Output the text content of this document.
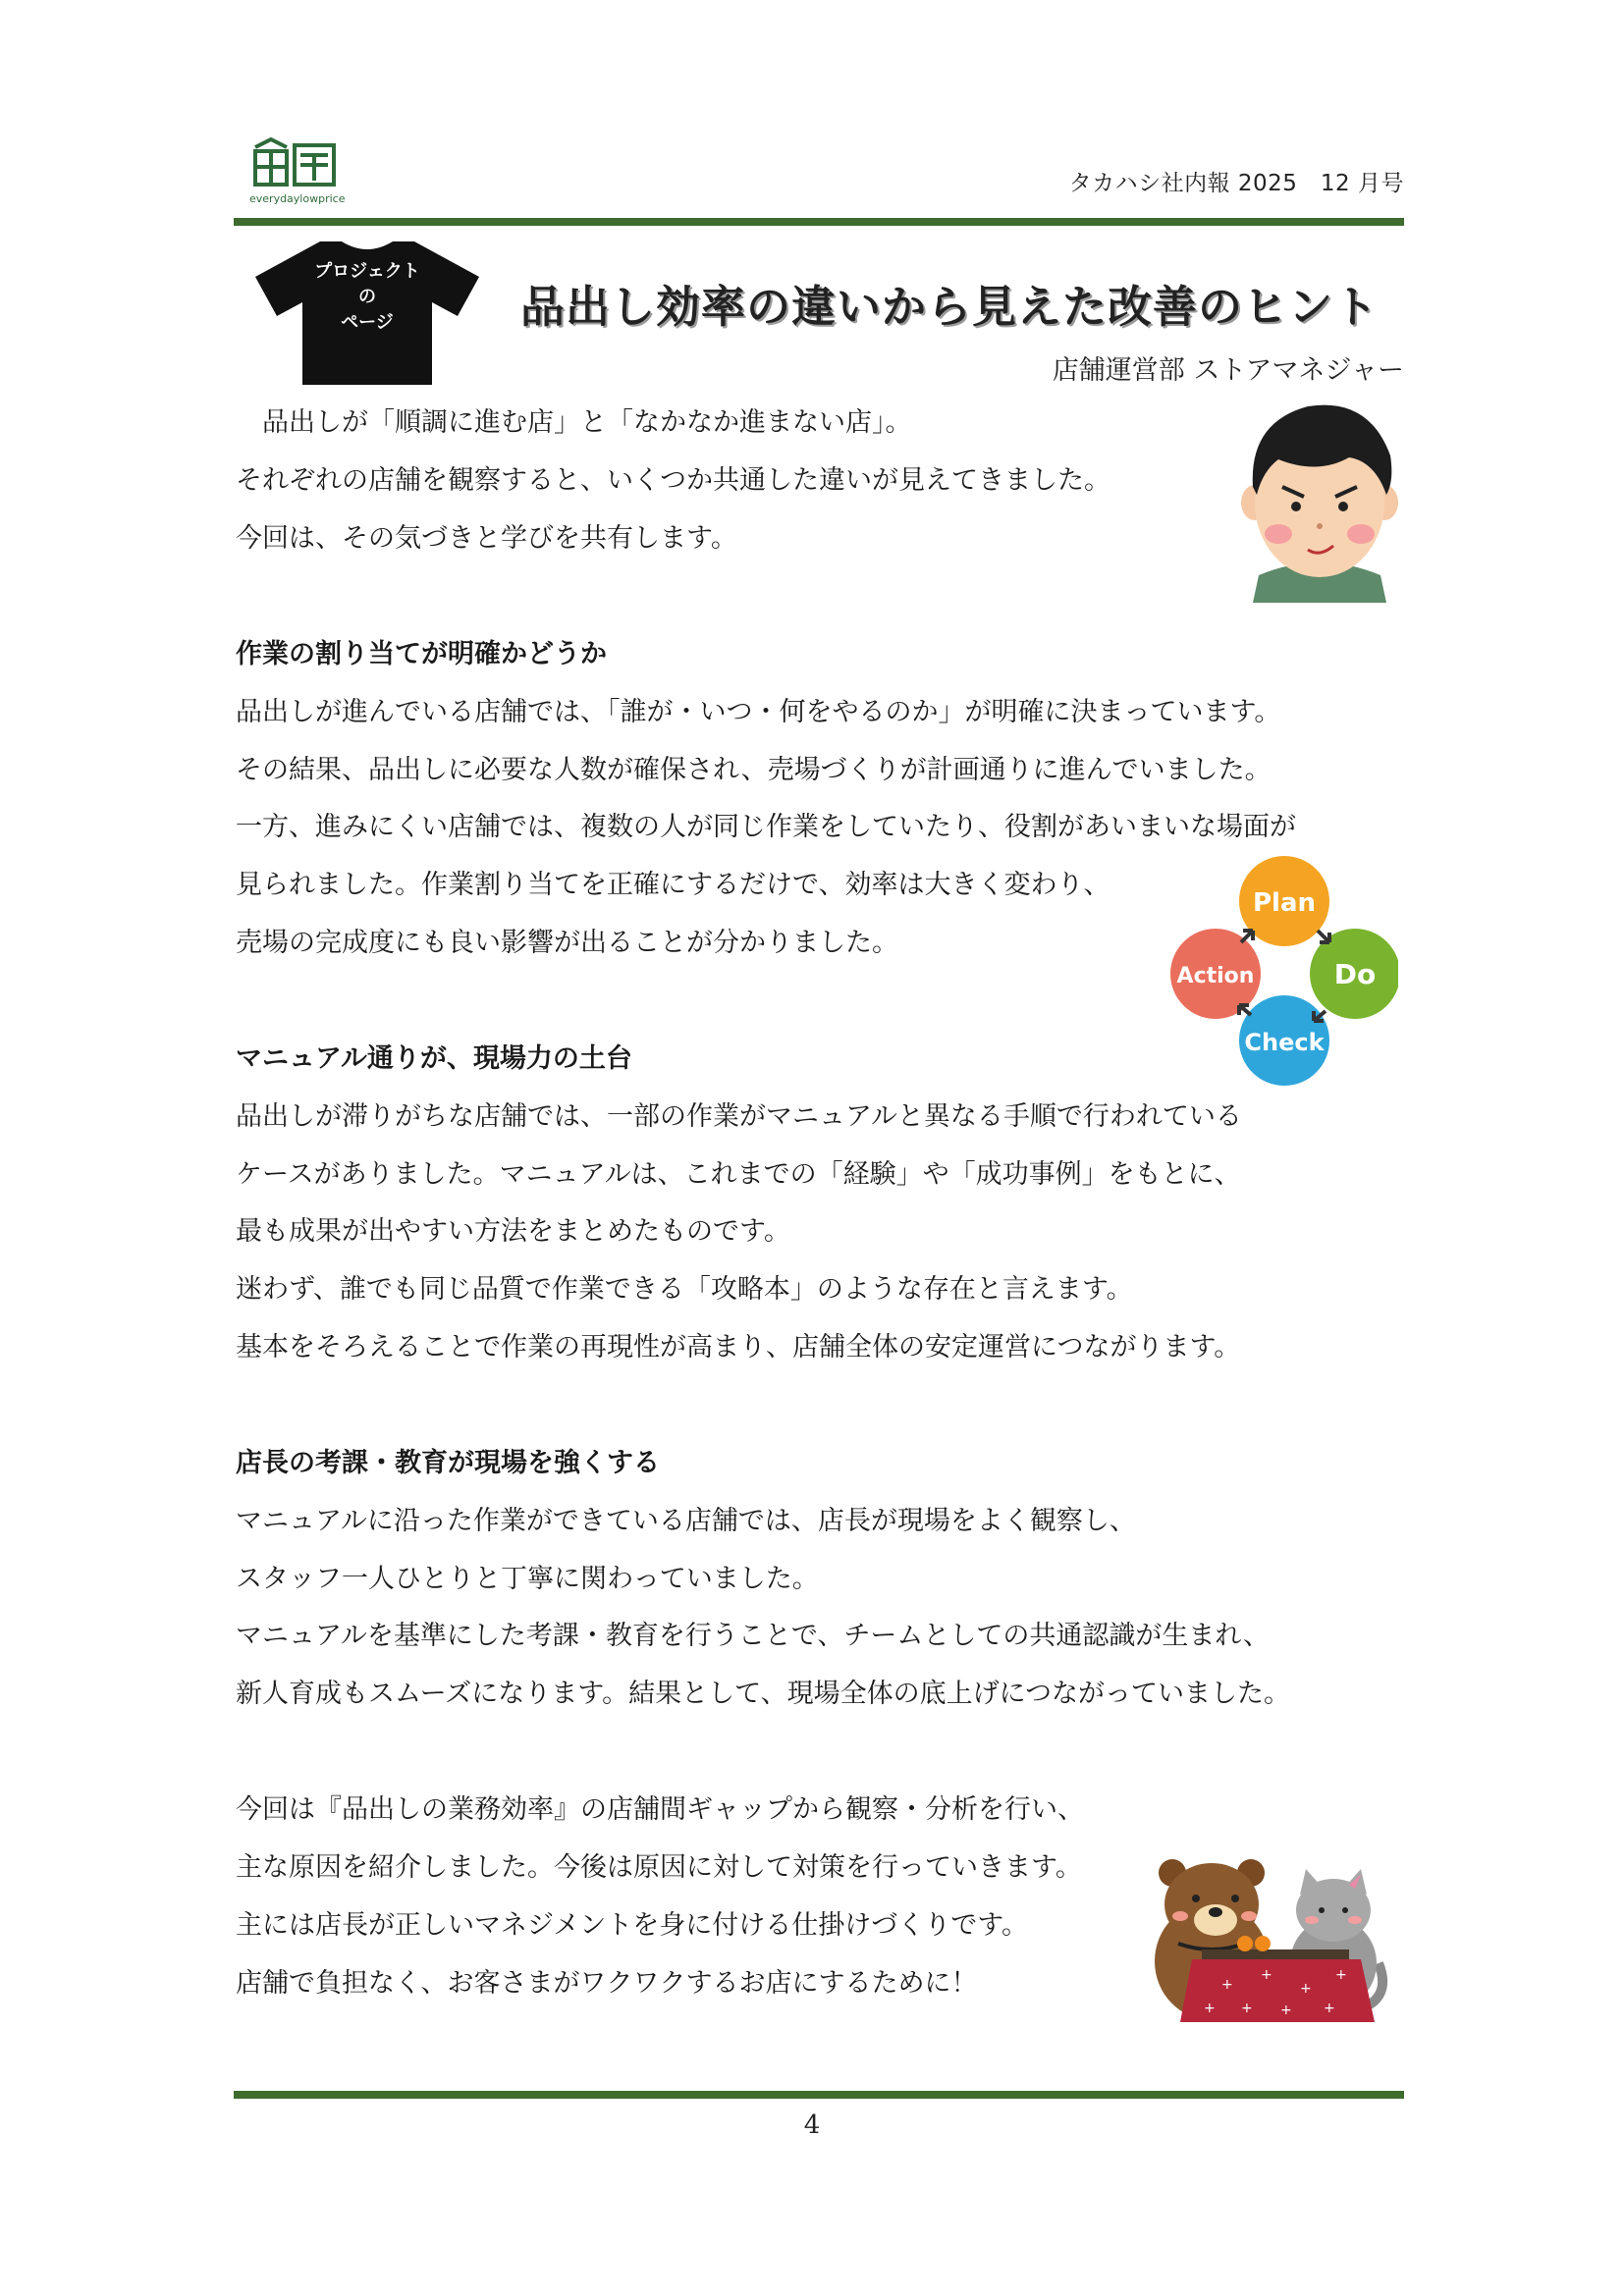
everydaylowprice
タカハシ社内報 2025　12 月号
プロジェクト
の
ページ	品出し効率の違いから見えた改善のヒント
店舗運営部 ストアマネジャー
　品出しが「順調に進む店」と「なかなか進まない店」。
それぞれの店舗を観察すると、いくつか共通した違いが見えてきました。
今回は、その気づきと学びを共有します。
作業の割り当てが明確かどうか
品出しが進んでいる店舗では、「誰が・いつ・何をやるのか」が明確に決まっています。
その結果、品出しに必要な人数が確保され、売場づくりが計画通りに進んでいました。
一方、進みにくい店舗では、複数の人が同じ作業をしていたり、役割があいまいな場面が
見られました。作業割り当てを正確にするだけで、効率は大きく変わり、
売場の完成度にも良い影響が出ることが分かりました。
Plan
Do
Check
Action
マニュアル通りが、現場力の土台
品出しが滞りがちな店舗では、一部の作業がマニュアルと異なる手順で行われている
ケースがありました。マニュアルは、これまでの「経験」や「成功事例」をもとに、
最も成果が出やすい方法をまとめたものです。
迷わず、誰でも同じ品質で作業できる「攻略本」のような存在と言えます。
基本をそろえることで作業の再現性が高まり、店舗全体の安定運営につながります。
店長の考課・教育が現場を強くする
マニュアルに沿った作業ができている店舗では、店長が現場をよく観察し、
スタッフ一人ひとりと丁寧に関わっていました。
マニュアルを基準にした考課・教育を行うことで、チームとしての共通認識が生まれ、
新人育成もスムーズになります。結果として、現場全体の底上げにつながっていました。
今回は『品出しの業務効率』の店舗間ギャップから観察・分析を行い、
主な原因を紹介しました。今後は原因に対して対策を行っていきます。
主には店長が正しいマネジメントを身に付ける仕掛けづくりです。
店舗で負担なく、お客さまがワクワクするお店にするために！	+
+
+
+
+ + +
+
4
